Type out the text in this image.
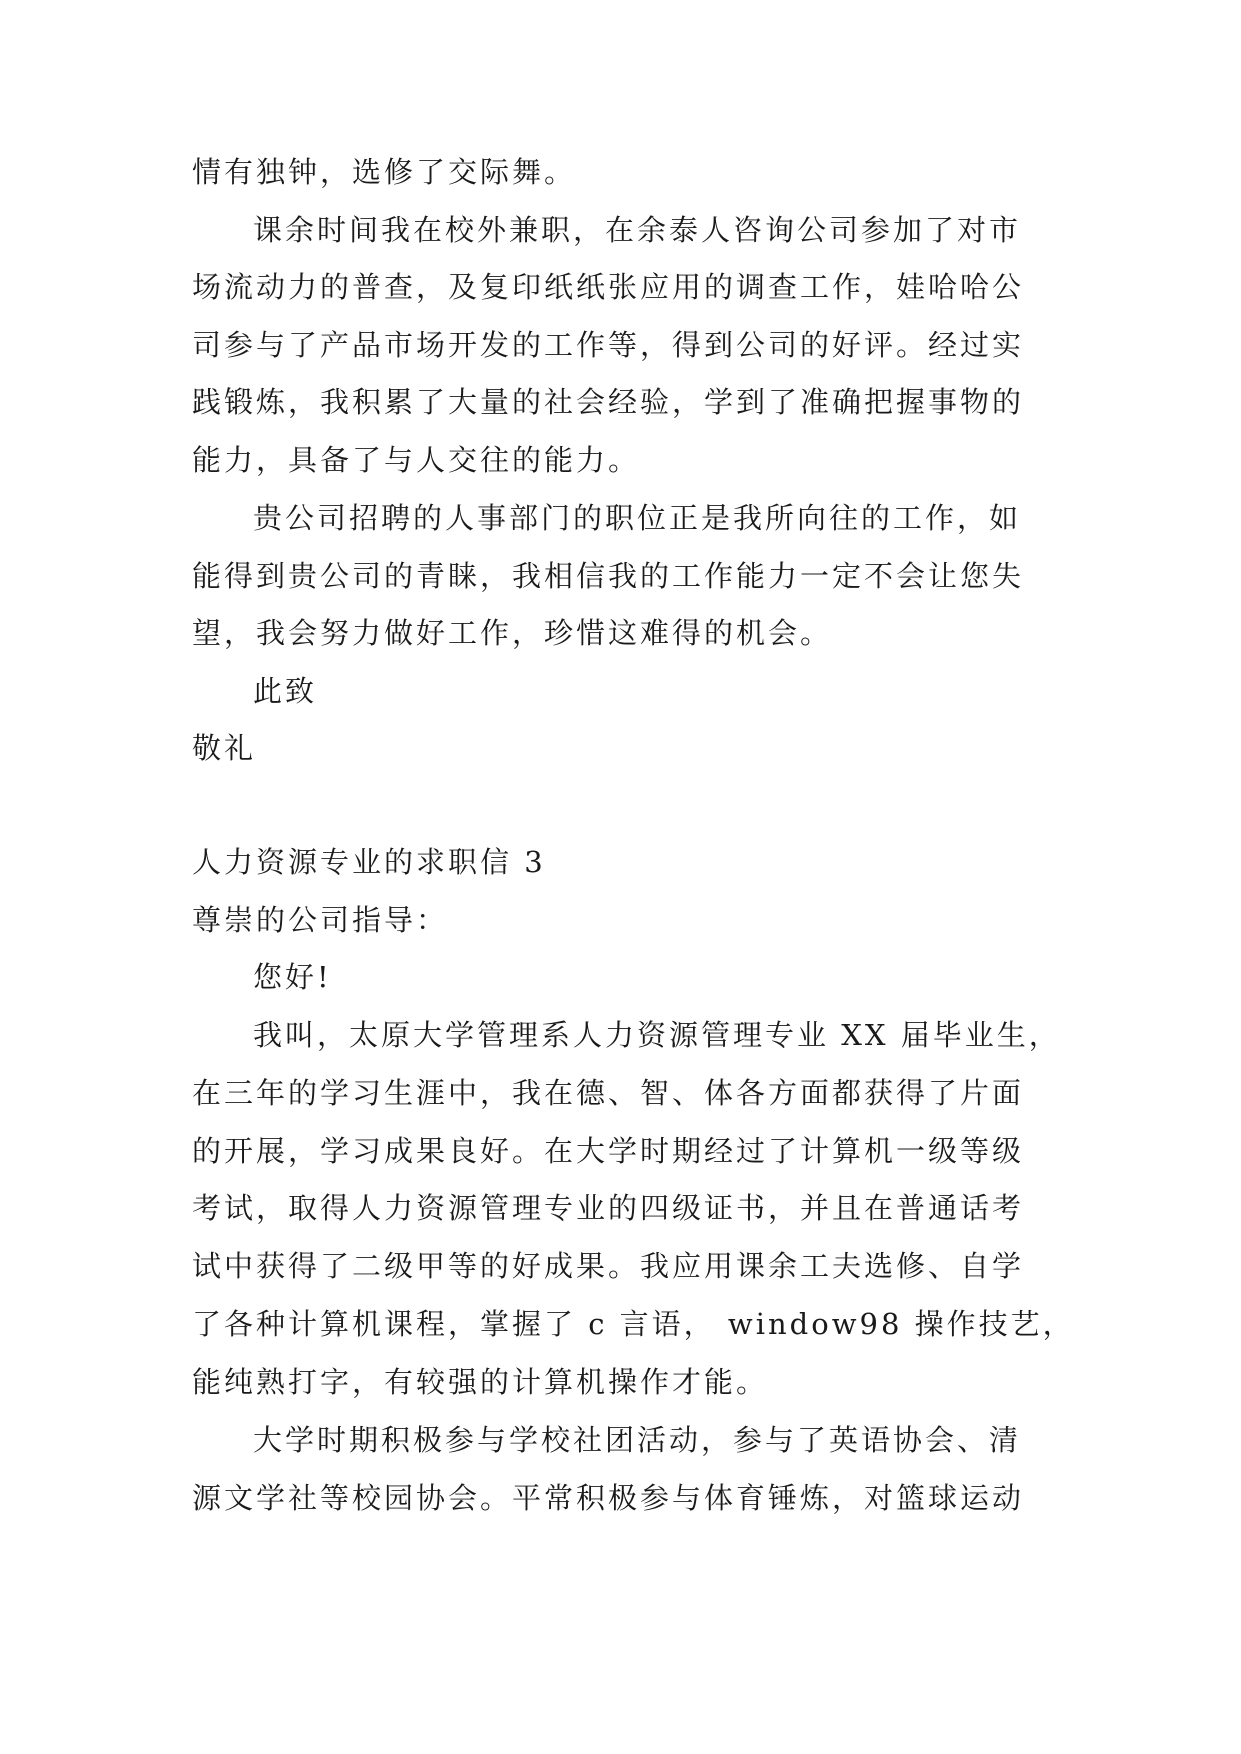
情有独钟，选修了交际舞。
课余时间我在校外兼职，在余泰人咨询公司参加了对市
场流动力的普查，及复印纸纸张应用的调查工作，娃哈哈公
司参与了产品市场开发的工作等，得到公司的好评。经过实
践锻炼，我积累了大量的社会经验，学到了准确把握事物的
能力，具备了与人交往的能力。
贵公司招聘的人事部门的职位正是我所向往的工作，如
能得到贵公司的青睐，我相信我的工作能力一定不会让您失
望，我会努力做好工作，珍惜这难得的机会。
此致
敬礼
人力资源专业的求职信 3
尊崇的公司指导：
您好!
我叫，太原大学管理系人力资源管理专业 XX 届毕业生，
在三年的学习生涯中，我在德、智、体各方面都获得了片面
的开展，学习成果良好。在大学时期经过了计算机一级等级
考试，取得人力资源管理专业的四级证书，并且在普通话考
试中获得了二级甲等的好成果。我应用课余工夫选修、自学
了各种计算机课程，掌握了 c 言语， window98 操作技艺，
能纯熟打字，有较强的计算机操作才能。
大学时期积极参与学校社团活动，参与了英语协会、清
源文学社等校园协会。平常积极参与体育锤炼，对篮球运动
